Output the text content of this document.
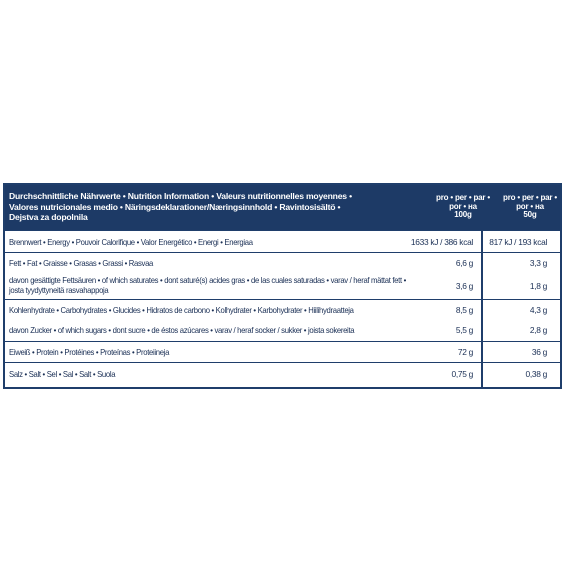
Durchschnittliche Nährwerte • Nutrition Information • Valeurs nutritionnelles moyennes •
Valores nutricionales medio • Näringsdeklarationer/Næringsinnhold • Ravintosisältö •
Dejstva za dopolnila
pro • per • par •
por • на
100g
pro • per • par •
por • на
50g
Brennwert • Energy • Pouvoir Calorifique • Valor Energético • Energi • Energiaa	1633 kJ / 386 kcal	817 kJ / 193 kcal
Fett • Fat • Graisse • Grasas • Grassi • Rasvaa	6,6 g	3,3 g
davon gesättigte Fettsäuren • of which saturates • dont saturé(s) acides gras • de las cuales saturadas • varav / heraf mättat fett • josta tyydyttyneitä rasvahappoja	3,6 g	1,8 g
Kohlenhydrate • Carbohydrates • Glucides • Hidratos de carbono • Kolhydrater • Karbohydrater • Hiilihydraatteja	8,5 g	4,3 g
davon Zucker • of which sugars • dont sucre • de éstos azúcares • varav / heraf socker / sukker • joista sokereita	5,5 g	2,8 g
Eiweiß • Protein • Protéines • Proteínas • Proteiineja	72 g	36 g
Salz • Salt • Sel • Sal • Salt • Suola	0,75 g	0,38 g
